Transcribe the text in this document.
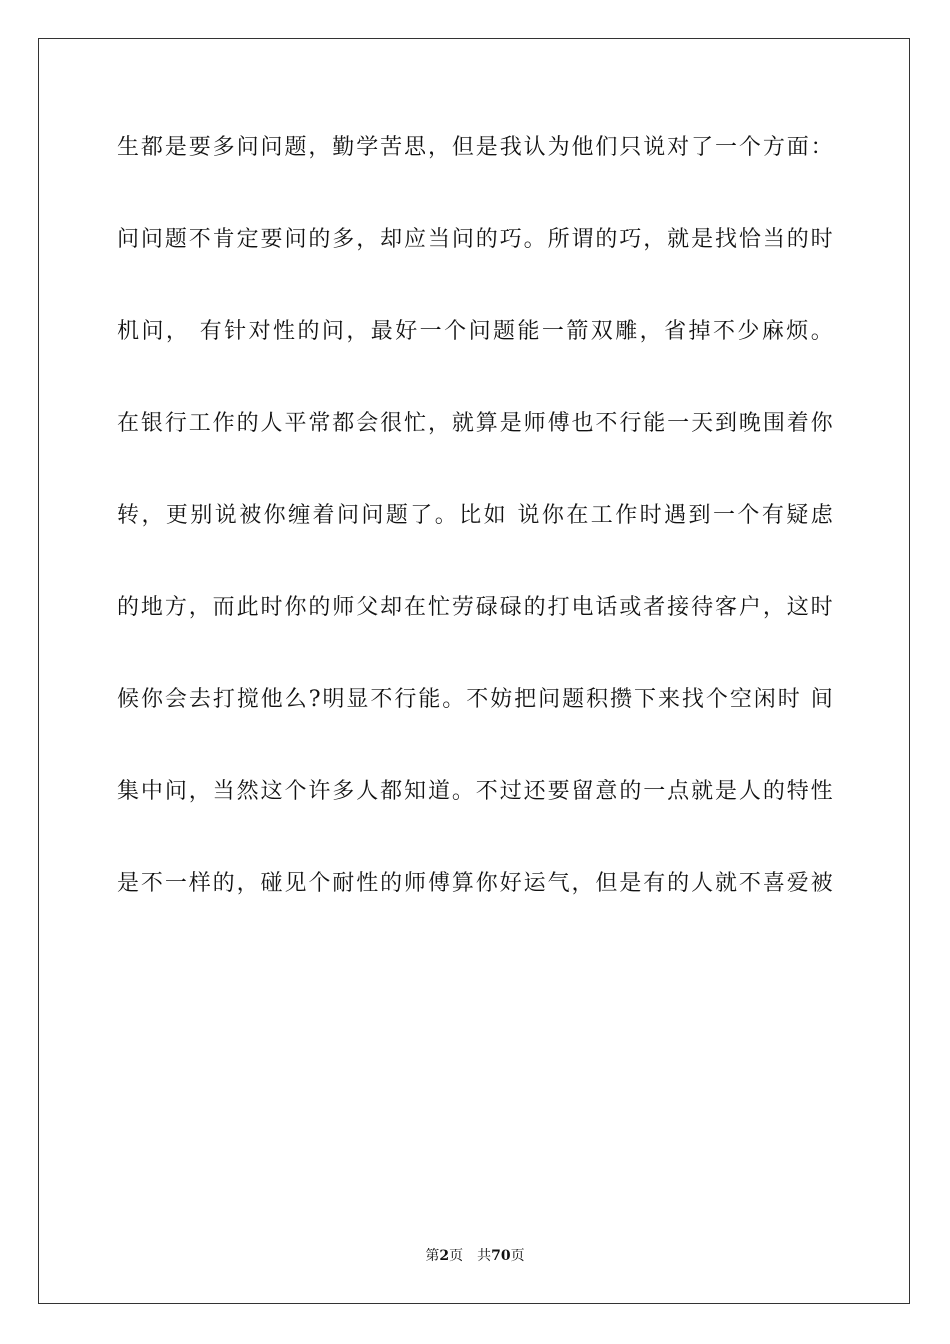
生都是要多问问题，勤学苦思，但是我认为他们只说对了一个方面：
问问题不肯定要问的多，却应当问的巧。所谓的巧，就是找恰当的时
机问， 有针对性的问，最好一个问题能一箭双雕，省掉不少麻烦。
在银行工作的人平常都会很忙，就算是师傅也不行能一天到晚围着你
转，更别说被你缠着问问题了。比如 说你在工作时遇到一个有疑虑
的地方，而此时你的师父却在忙劳碌碌的打电话或者接待客户，这时
候你会去打搅他么?明显不行能。不妨把问题积攒下来找个空闲时 间
集中问，当然这个许多人都知道。不过还要留意的一点就是人的特性
是不一样的，碰见个耐性的师傅算你好运气，但是有的人就不喜爱被
第2页 共70页
